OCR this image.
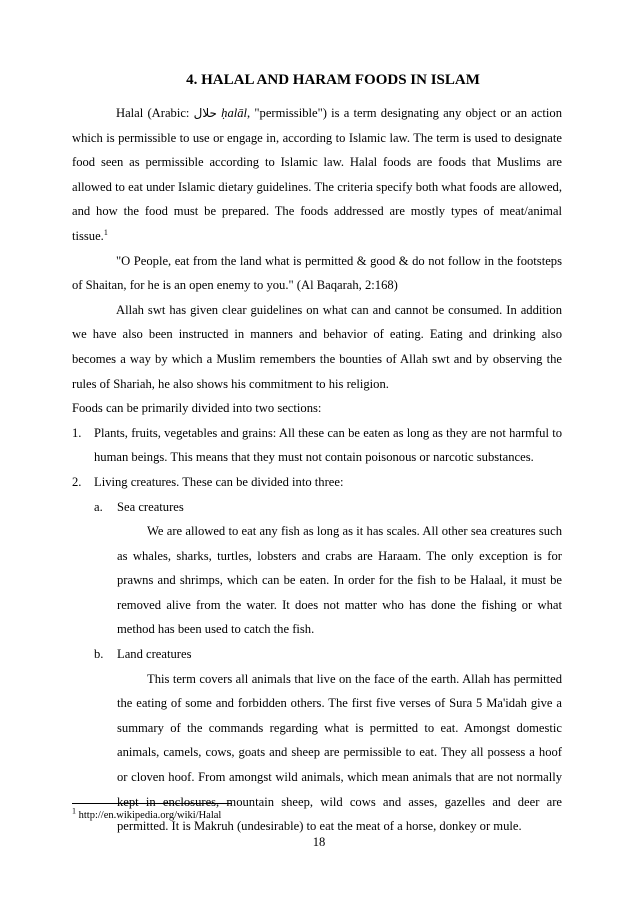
4. HALAL AND HARAM FOODS IN ISLAM

Halal (Arabic: حلال ḥalāl, "permissible") is a term designating any object or an action which is permissible to use or engage in, according to Islamic law. The term is used to designate food seen as permissible according to Islamic law. Halal foods are foods that Muslims are allowed to eat under Islamic dietary guidelines. The criteria specify both what foods are allowed, and how the food must be prepared. The foods addressed are mostly types of meat/animal tissue.$^1$

"O People, eat from the land what is permitted & good & do not follow in the footsteps of Shaitan, for he is an open enemy to you." (Al Baqarah, 2:168)

Allah swt has given clear guidelines on what can and cannot be consumed. In addition we have also been instructed in manners and behavior of eating. Eating and drinking also becomes a way by which a Muslim remembers the bounties of Allah swt and by observing the rules of Shariah, he also shows his commitment to his religion.

Foods can be primarily divided into two sections:

1. Plants, fruits, vegetables and grains: All these can be eaten as long as they are not harmful to human beings. This means that they must not contain poisonous or narcotic substances.
2. Living creatures. These can be divided into three:
a. Sea creatures

We are allowed to eat any fish as long as it has scales. All other sea creatures such as whales, sharks, turtles, lobsters and crabs are Haraam. The only exception is for prawns and shrimps, which can be eaten. In order for the fish to be Halaal, it must be removed alive from the water. It does not matter who has done the fishing or what method has been used to catch the fish.

b. Land creatures

This term covers all animals that live on the face of the earth. Allah has permitted the eating of some and forbidden others. The first five verses of Sura 5 Ma'idah give a summary of the commands regarding what is permitted to eat. Amongst domestic animals, camels, cows, goats and sheep are permissible to eat. They all possess a hoof or cloven hoof. From amongst wild animals, which mean animals that are not normally kept in enclosures, mountain sheep, wild cows and asses, gazelles and deer are permitted. It is Makruh (undesirable) to eat the meat of a horse, donkey or mule.

$^1$ http://en.wikipedia.org/wiki/Halal
18
